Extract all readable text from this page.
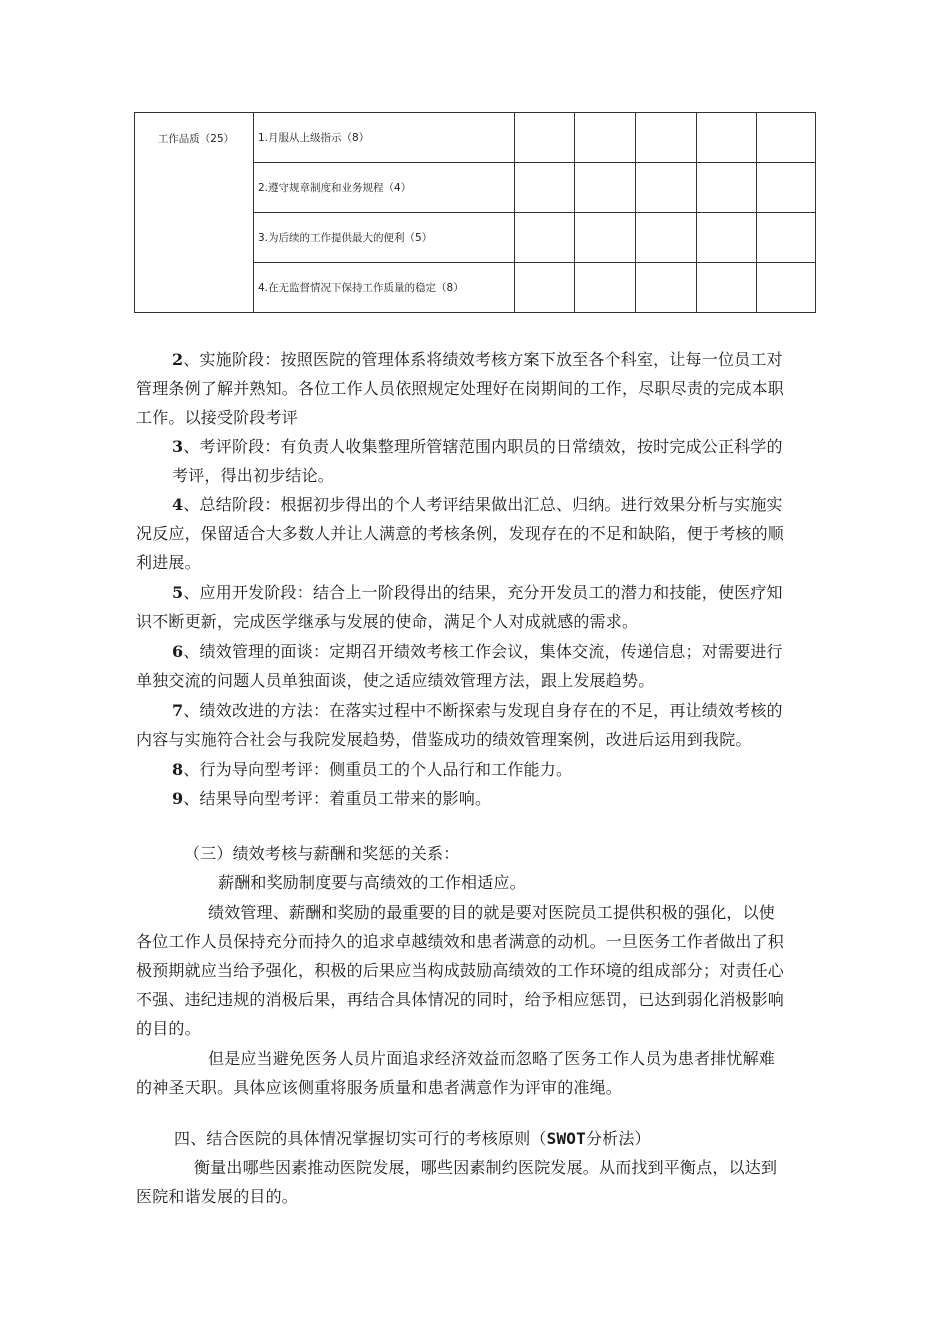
工作品质（25）	1.月服从上级指示（8）					
	2.遵守规章制度和业务规程（4）					
	3.为后续的工作提供最大的便利（5）					
	4.在无监督情况下保持工作质量的稳定（8）					
2、实施阶段：按照医院的管理体系将绩效考核方案下放至各个科室，让每一位员工对
管理条例了解并熟知。各位工作人员依照规定处理好在岗期间的工作，尽职尽责的完成本职
工作。以接受阶段考评
3、考评阶段：有负责人收集整理所管辖范围内职员的日常绩效，按时完成公正科学的
考评，得出初步结论。
4、总结阶段：根据初步得出的个人考评结果做出汇总、归纳。进行效果分析与实施实
况反应，保留适合大多数人并让人满意的考核条例，发现存在的不足和缺陷，便于考核的顺
利进展。
5、应用开发阶段：结合上一阶段得出的结果，充分开发员工的潜力和技能，使医疗知
识不断更新，完成医学继承与发展的使命，满足个人对成就感的需求。
6、绩效管理的面谈：定期召开绩效考核工作会议，集体交流，传递信息；对需要进行
单独交流的问题人员单独面谈，使之适应绩效管理方法，跟上发展趋势。
7、绩效改进的方法：在落实过程中不断探索与发现自身存在的不足，再让绩效考核的
内容与实施符合社会与我院发展趋势，借鉴成功的绩效管理案例，改进后运用到我院。
8、行为导向型考评：侧重员工的个人品行和工作能力。
9、结果导向型考评：着重员工带来的影响。
（三）绩效考核与薪酬和奖惩的关系：
薪酬和奖励制度要与高绩效的工作相适应。
绩效管理、薪酬和奖励的最重要的目的就是要对医院员工提供积极的强化，以使
各位工作人员保持充分而持久的追求卓越绩效和患者满意的动机。一旦医务工作者做出了积
极预期就应当给予强化，积极的后果应当构成鼓励高绩效的工作环境的组成部分；对责任心
不强、违纪违规的消极后果，再结合具体情况的同时，给予相应惩罚，已达到弱化消极影响
的目的。
但是应当避免医务人员片面追求经济效益而忽略了医务工作人员为患者排忧解难
的神圣天职。具体应该侧重将服务质量和患者满意作为评审的准绳。
四、结合医院的具体情况掌握切实可行的考核原则（SWOT分析法）
衡量出哪些因素推动医院发展，哪些因素制约医院发展。从而找到平衡点，以达到
医院和谐发展的目的。
